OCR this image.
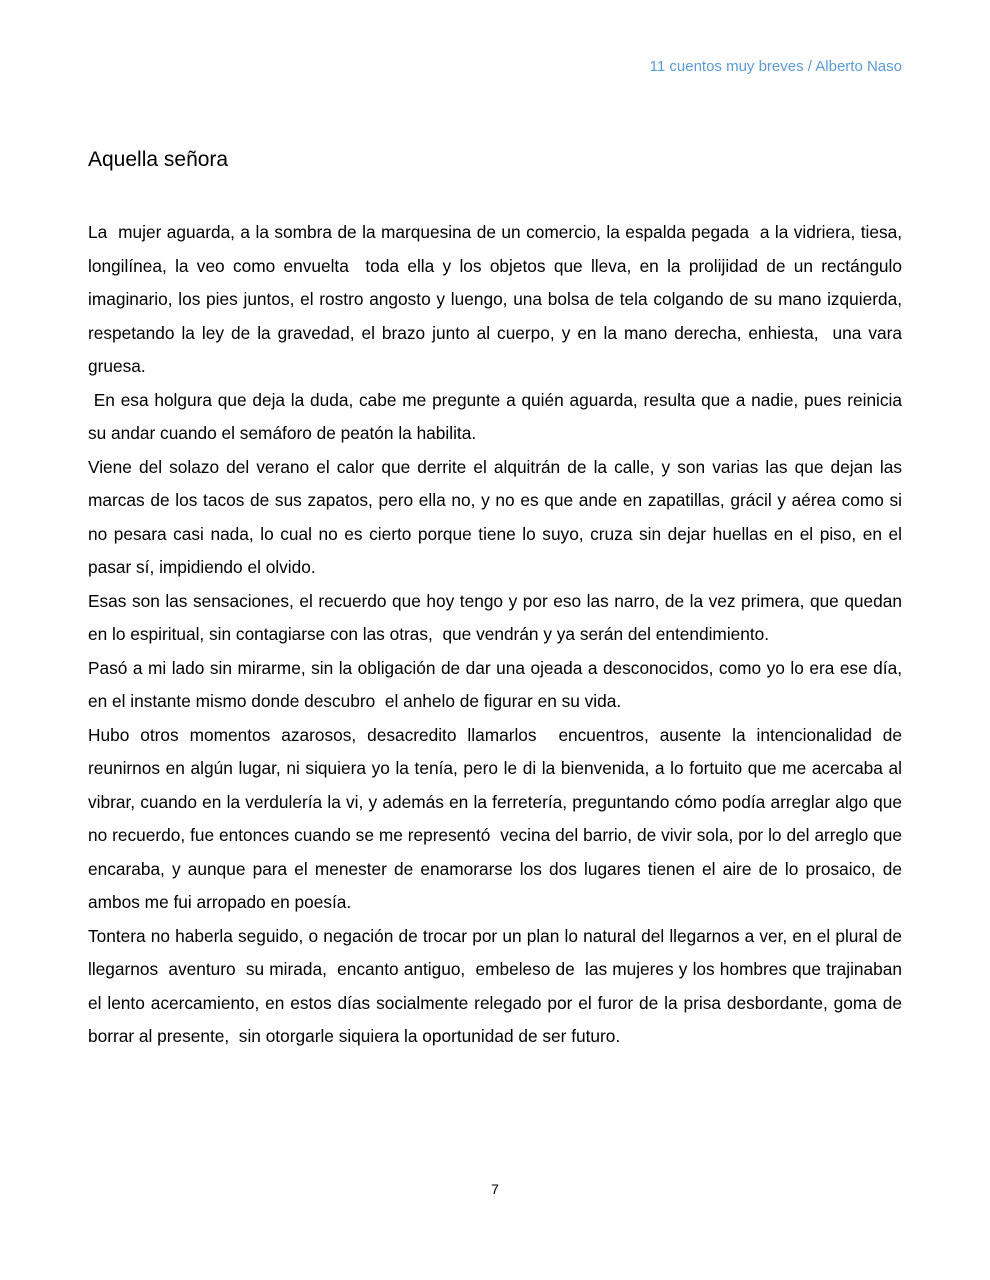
11 cuentos muy breves / Alberto Naso
Aquella señora

La  mujer aguarda, a la sombra de la marquesina de un comercio, la espalda pegada  a la vidriera, tiesa, longilínea, la veo como envuelta  toda ella y los objetos que lleva, en la prolijidad de un rectángulo imaginario, los pies juntos, el rostro angosto y luengo, una bolsa de tela colgando de su mano izquierda, respetando la ley de la gravedad, el brazo junto al cuerpo, y en la mano derecha, enhiesta,  una vara gruesa.

En esa holgura que deja la duda, cabe me pregunte a quién aguarda, resulta que a nadie, pues reinicia su andar cuando el semáforo de peatón la habilita.

Viene del solazo del verano el calor que derrite el alquitrán de la calle, y son varias las que dejan las marcas de los tacos de sus zapatos, pero ella no, y no es que ande en zapatillas, grácil y aérea como si no pesara casi nada, lo cual no es cierto porque tiene lo suyo, cruza sin dejar huellas en el piso, en el pasar sí, impidiendo el olvido.

Esas son las sensaciones, el recuerdo que hoy tengo y por eso las narro, de la vez primera, que quedan en lo espiritual, sin contagiarse con las otras,  que vendrán y ya serán del entendimiento.

Pasó a mi lado sin mirarme, sin la obligación de dar una ojeada a desconocidos, como yo lo era ese día, en el instante mismo donde descubro  el anhelo de figurar en su vida.

Hubo otros momentos azarosos, desacredito llamarlos  encuentros, ausente la intencionalidad de  reunirnos en algún lugar, ni siquiera yo la tenía, pero le di la bienvenida, a lo fortuito que me acercaba al vibrar, cuando en la verdulería la vi, y además en la ferretería, preguntando cómo podía arreglar algo que no recuerdo, fue entonces cuando se me representó  vecina del barrio, de vivir sola, por lo del arreglo que encaraba, y aunque para el menester de enamorarse los dos lugares tienen el aire de lo prosaico, de ambos me fui arropado en poesía.

Tontera no haberla seguido, o negación de trocar por un plan lo natural del llegarnos a ver, en el plural de llegarnos  aventuro  su mirada,  encanto antiguo,  embeleso de  las mujeres y los hombres que trajinaban el lento acercamiento, en estos días socialmente relegado por el furor de la prisa desbordante, goma de borrar al presente,  sin otorgarle siquiera la oportunidad de ser futuro.

7
